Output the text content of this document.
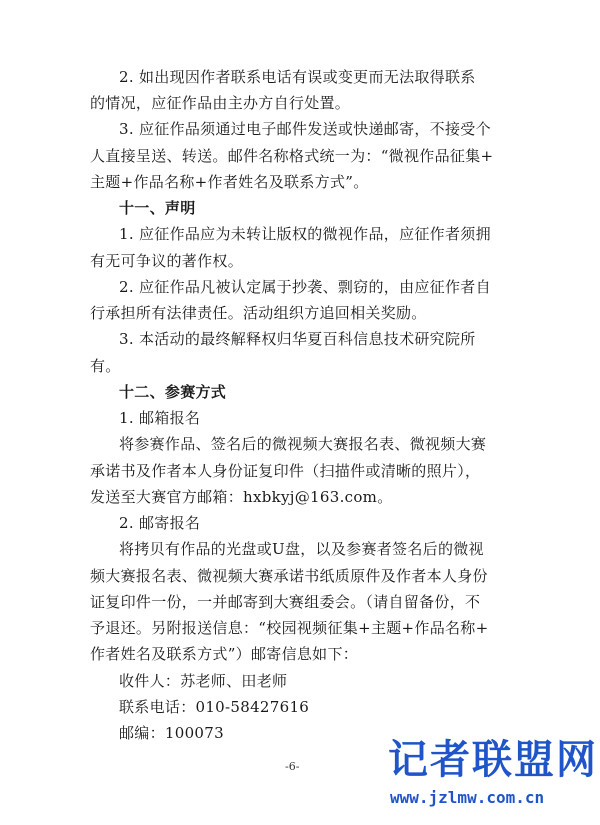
2. 如出现因作者联系电话有误或变更而无法取得联系
的情况，应征作品由主办方自行处置。
3. 应征作品须通过电子邮件发送或快递邮寄，不接受个
人直接呈送、转送。邮件名称格式统一为：“微视作品征集+
主题+作品名称+作者姓名及联系方式”。
十一、声明
1. 应征作品应为未转让版权的微视作品，应征作者须拥
有无可争议的著作权。
2. 应征作品凡被认定属于抄袭、剽窃的，由应征作者自
行承担所有法律责任。活动组织方追回相关奖励。
3. 本活动的最终解释权归华夏百科信息技术研究院所
有。
十二、参赛方式
1. 邮箱报名
将参赛作品、签名后的微视频大赛报名表、微视频大赛
承诺书及作者本人身份证复印件（扫描件或清晰的照片），
发送至大赛官方邮箱：hxbkyj@163.com。
2. 邮寄报名
将拷贝有作品的光盘或U盘，以及参赛者签名后的微视
频大赛报名表、微视频大赛承诺书纸质原件及作者本人身份
证复印件一份，一并邮寄到大赛组委会。（请自留备份，不
予退还。另附报送信息：“校园视频征集+主题+作品名称+
作者姓名及联系方式”）邮寄信息如下：
收件人：苏老师、田老师
联系电话：010-58427616
邮编：100073
-6- 记者联盟网
www.jzlmw.com.cn
